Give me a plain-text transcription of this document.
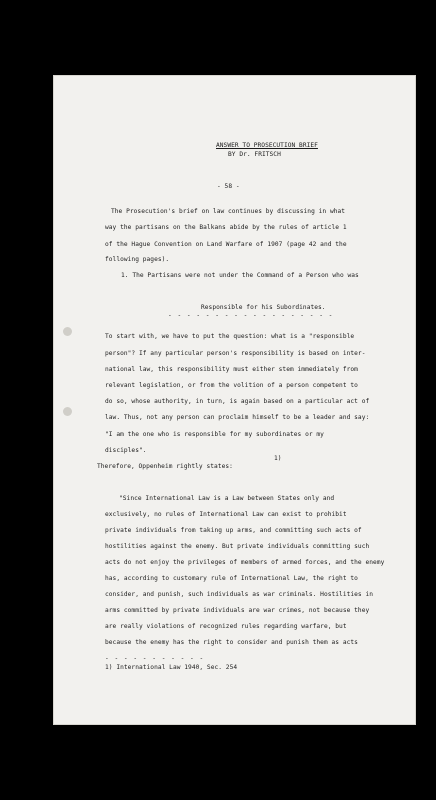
ANSWER TO PROSECUTION BRIEF
BY Dr. FRITSCH
- 58 -
The Prosecution's brief on law continues by discussing in what
way the partisans on the Balkans abide by the rules of article 1
of the Hague Convention on Land Warfare of 1907 (page 42 and the
following pages).
1. The Partisans were not under the Command of a Person who was
Responsible for his Subordinates.
- - - - - - - - - - - - - - - - - -
To start with, we have to put the question: what is a "responsible
person"? If any particular person's responsibility is based on inter-
national law, this responsibility must either stem immediately from
relevant legislation, or from the volition of a person competent to
do so, whose authority, in turn, is again based on a particular act of
law. Thus, not any person can proclaim himself to be a leader and say:
"I am the one who is responsible for my subordinates or my
disciples".
1)
Therefore, Oppenheim rightly states:
"Since International Law is a Law between States only and
exclusively, no rules of International Law can exist to prohibit
private individuals from taking up arms, and committing such acts of
hostilities against the enemy. But private individuals committing such
acts do not enjoy the privileges of members of armed forces, and the enemy
has, according to customary rule of International Law, the right to
consider, and punish, such individuals as war criminals. Hostilities in
arms committed by private individuals are war crimes, not because they
are really violations of recognized rules regarding warfare, but
because the enemy has the right to consider and punish them as acts
- - - - - - - - - - -
1) International Law 1940, Sec. 254
